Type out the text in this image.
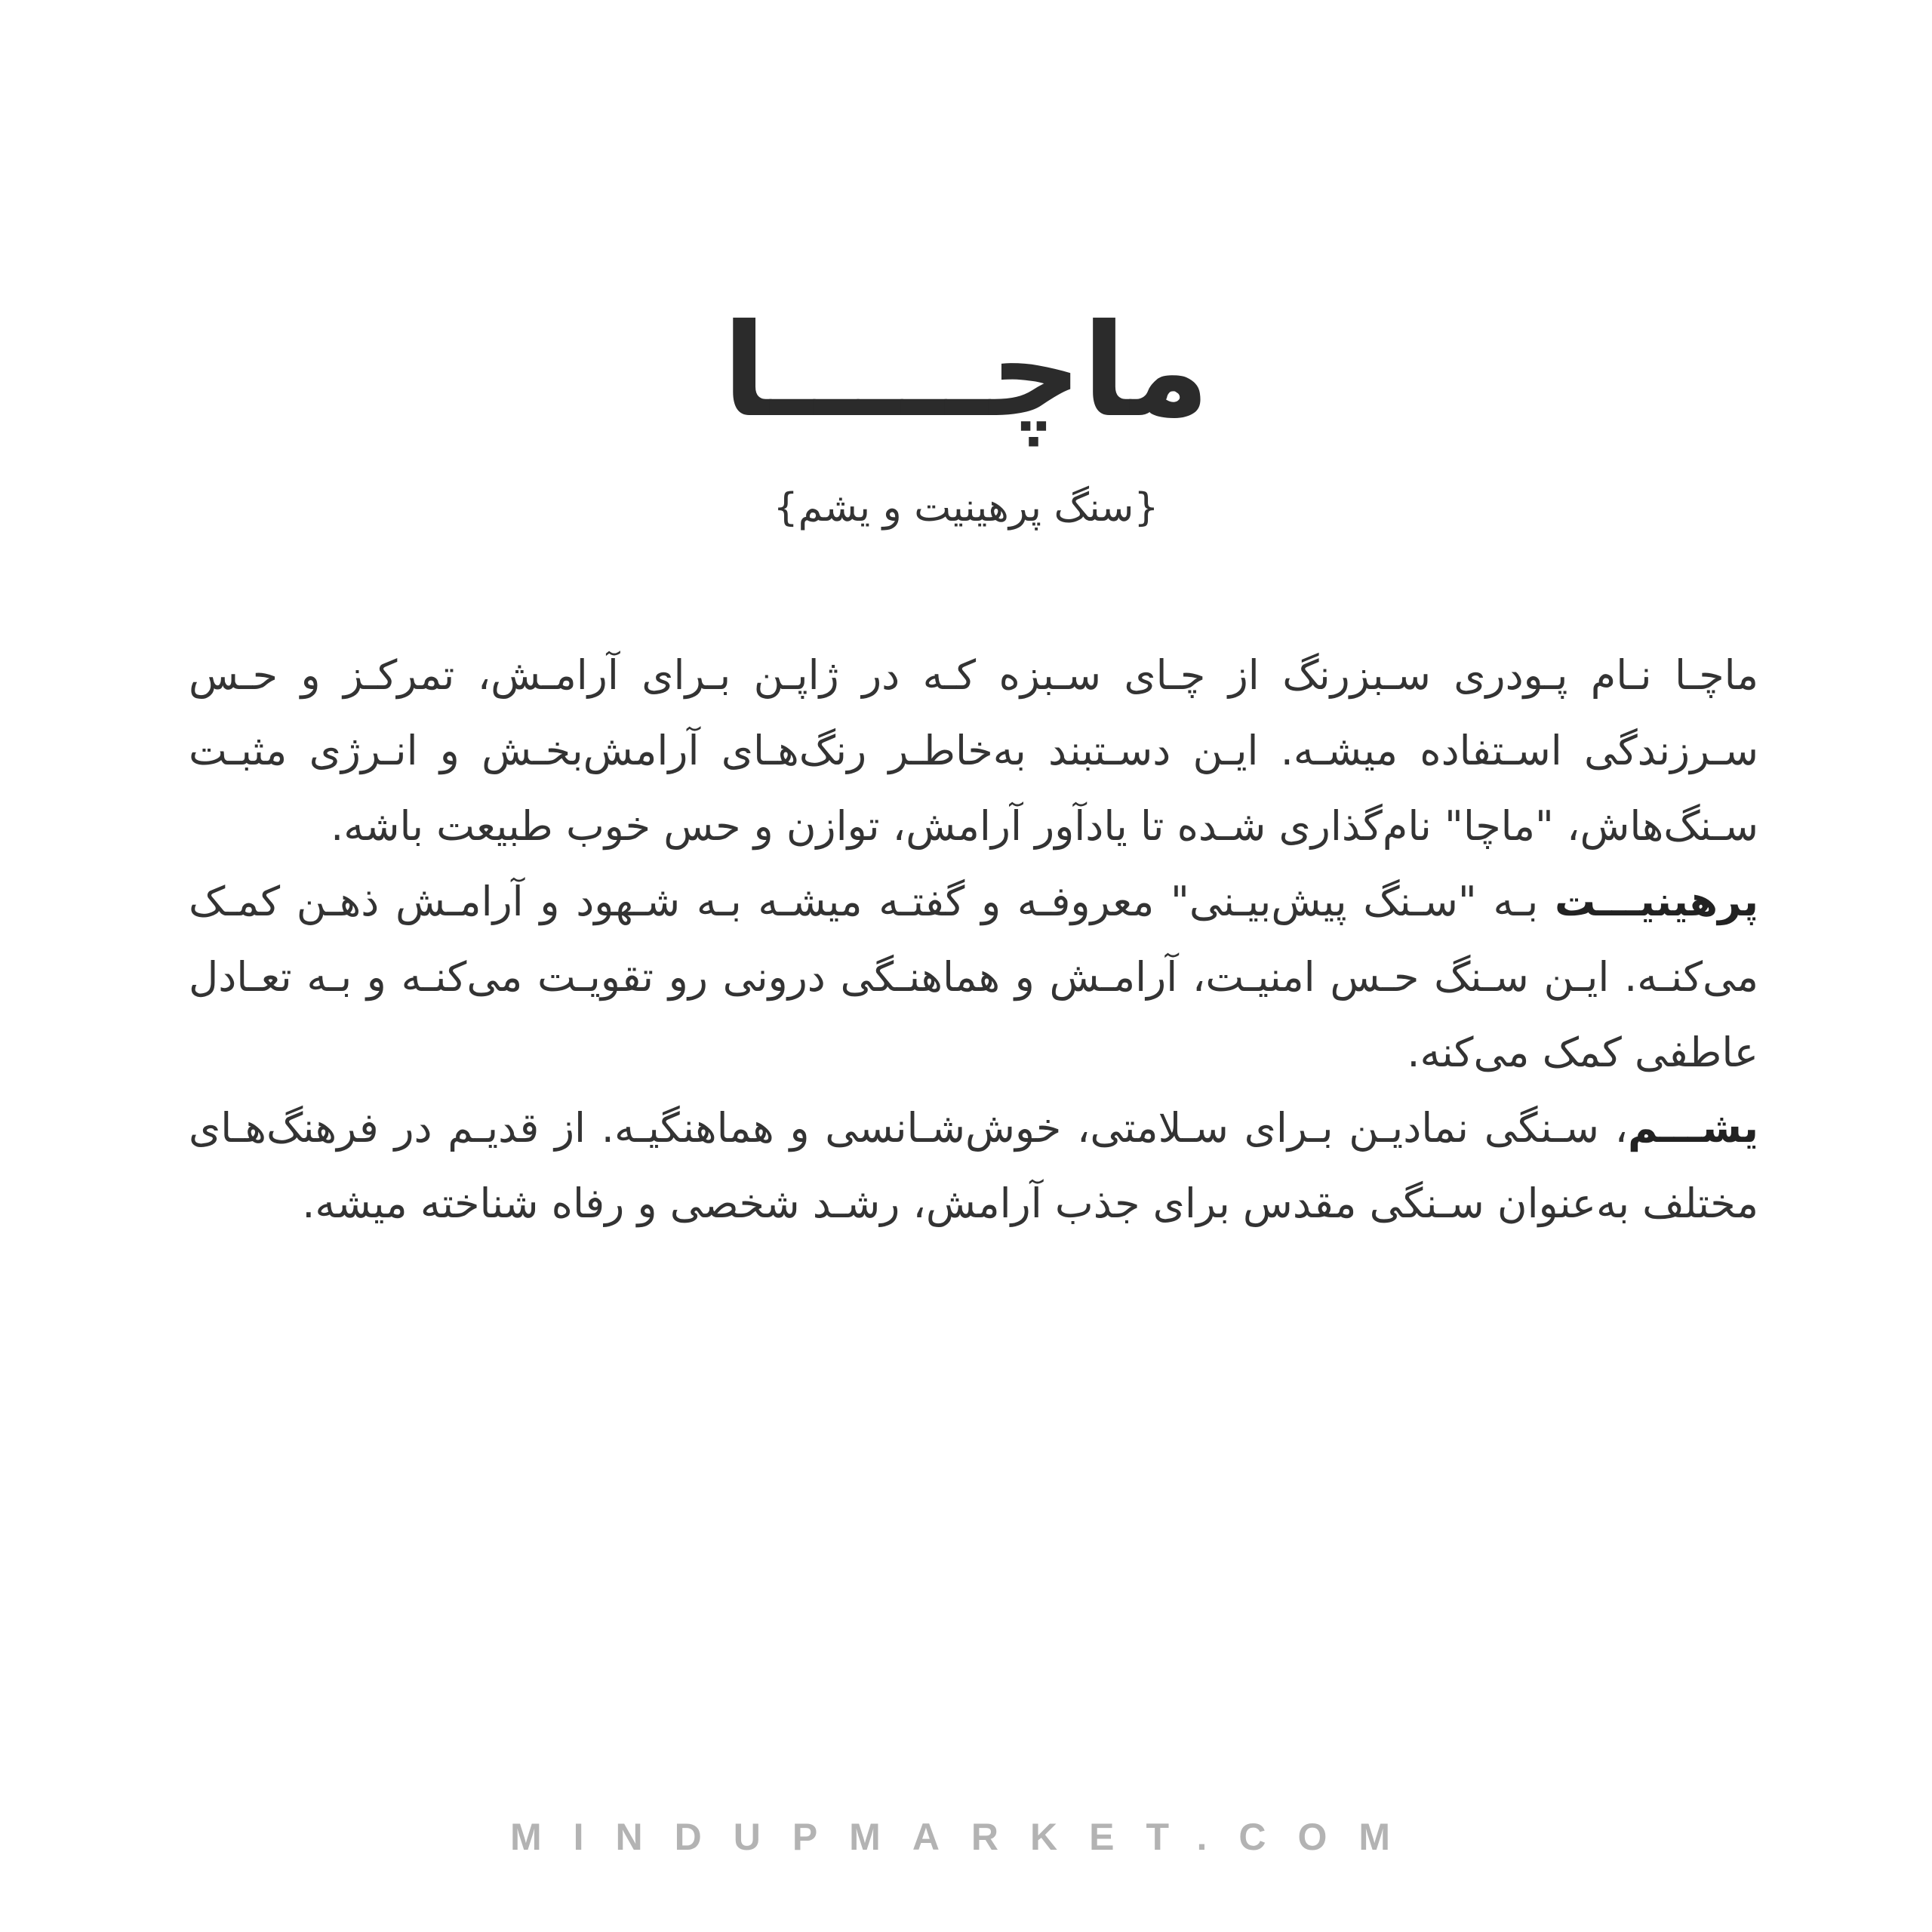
ماچـــــا
{سنگ پرهینیت و یشم}

ماچـا نـام پـودری سـبزرنگ از چـای سـبزه کـه در ژاپـن بـرای آرامـش، تمرکـز و حـس سـرزندگی اسـتفاده میشـه. ایـن دسـتبند به‌خاطـر رنگ‌هـای آرامش‌بخـش و انـرژی مثبـت سـنگ‌هاش، "ماچا" نام‌گذاری شـده تا یادآور آرامش، توازن و حس خوب طبیعت باشه.

پرهینیـــت بـه "سـنگ پیش‌بیـنی" معروفـه و گفتـه میشـه بـه شـهود و آرامـش ذهـن کمـک می‌کنـه. ایـن سـنگ حـس امنیـت، آرامـش و هماهنـگی درونی رو تقویـت می‌کنـه و بـه تعـادل عاطفی کمک می‌کنه.

یشـــم، سـنگی نمادیـن بـرای سـلامتی، خوش‌شـانسی و هماهنگیـه. از قدیـم در فرهنگ‌هـای مختلف به‌عنوان سـنگی مقدس برای جذب آرامش، رشـد شخصی و رفاه شناخته میشه.

MINDUPMARKET.COM
